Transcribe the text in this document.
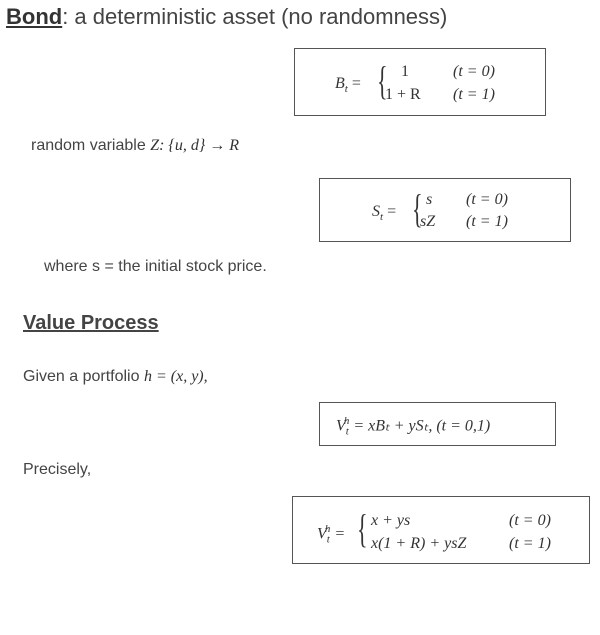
Bond: a deterministic asset (no randomness)
$B_t$ = { 1	(t = 0)
1 + R (t = 1)
random variable Z: {u, d} → R
$S_t$ = { s (t = 0)
sZ (t = 1)
where s = the initial stock price.
Value Process
Given a portfolio h = (x, y),
$V_t^h = xB_t + yS_t$, (t = 0,1)
Precisely,
$V_t^h$ = { x + ys	(t = 0)
x(1 + R) + ysZ	(t = 1)
